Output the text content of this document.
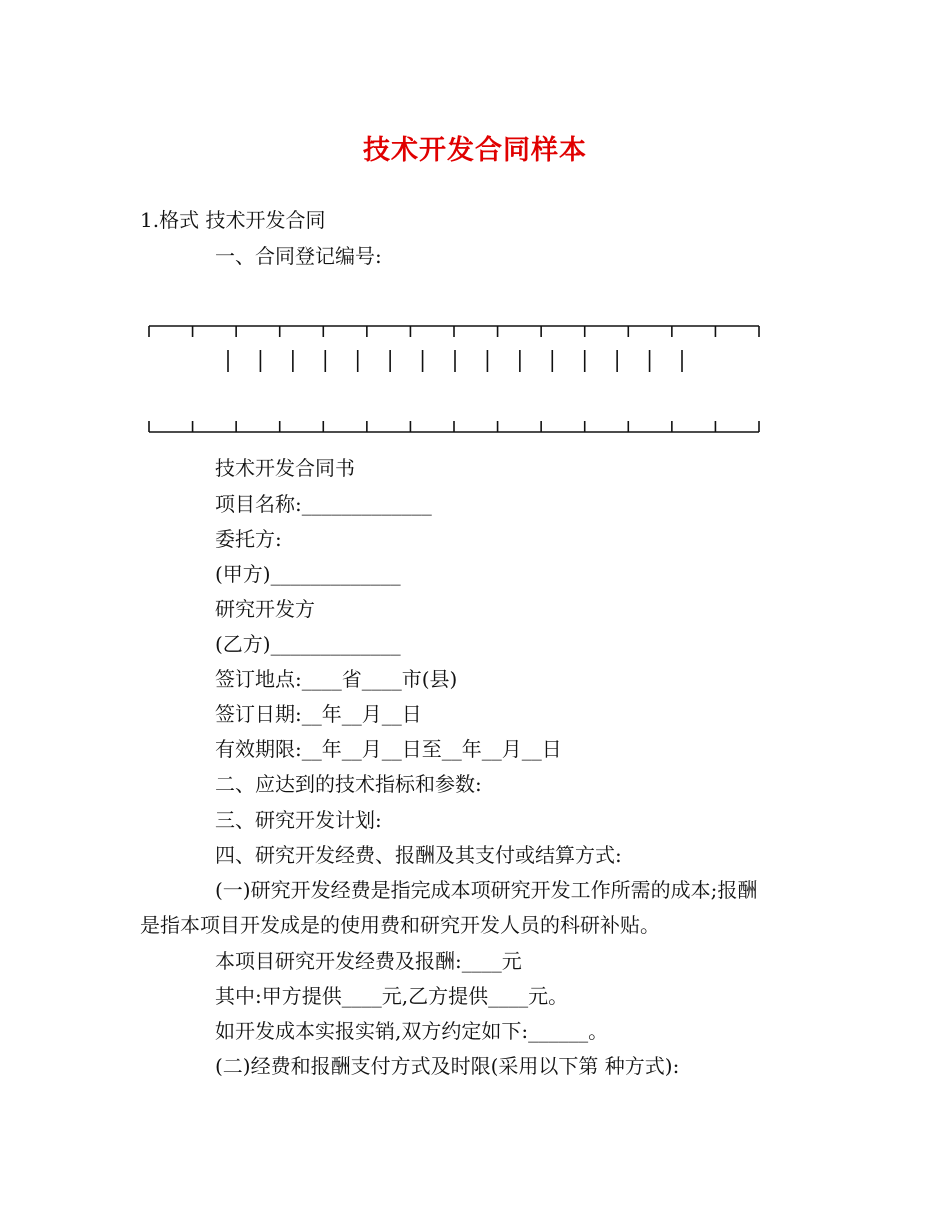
技术开发合同样本
1.格式 技术开发合同
一、合同登记编号:
技术开发合同书
项目名称:_____________
委托方:
(甲方)_____________
研究开发方
(乙方)_____________
签订地点:____省____市(县)
签订日期:__年__月__日
有效期限:__年__月__日至__年__月__日
二、应达到的技术指标和参数:
三、研究开发计划:
四、研究开发经费、报酬及其支付或结算方式:
(一)研究开发经费是指完成本项研究开发工作所需的成本;报酬
是指本项目开发成是的使用费和研究开发人员的科研补贴。
本项目研究开发经费及报酬:____元
其中:甲方提供____元,乙方提供____元。
如开发成本实报实销,双方约定如下:______。
(二)经费和报酬支付方式及时限(采用以下第 种方式):
